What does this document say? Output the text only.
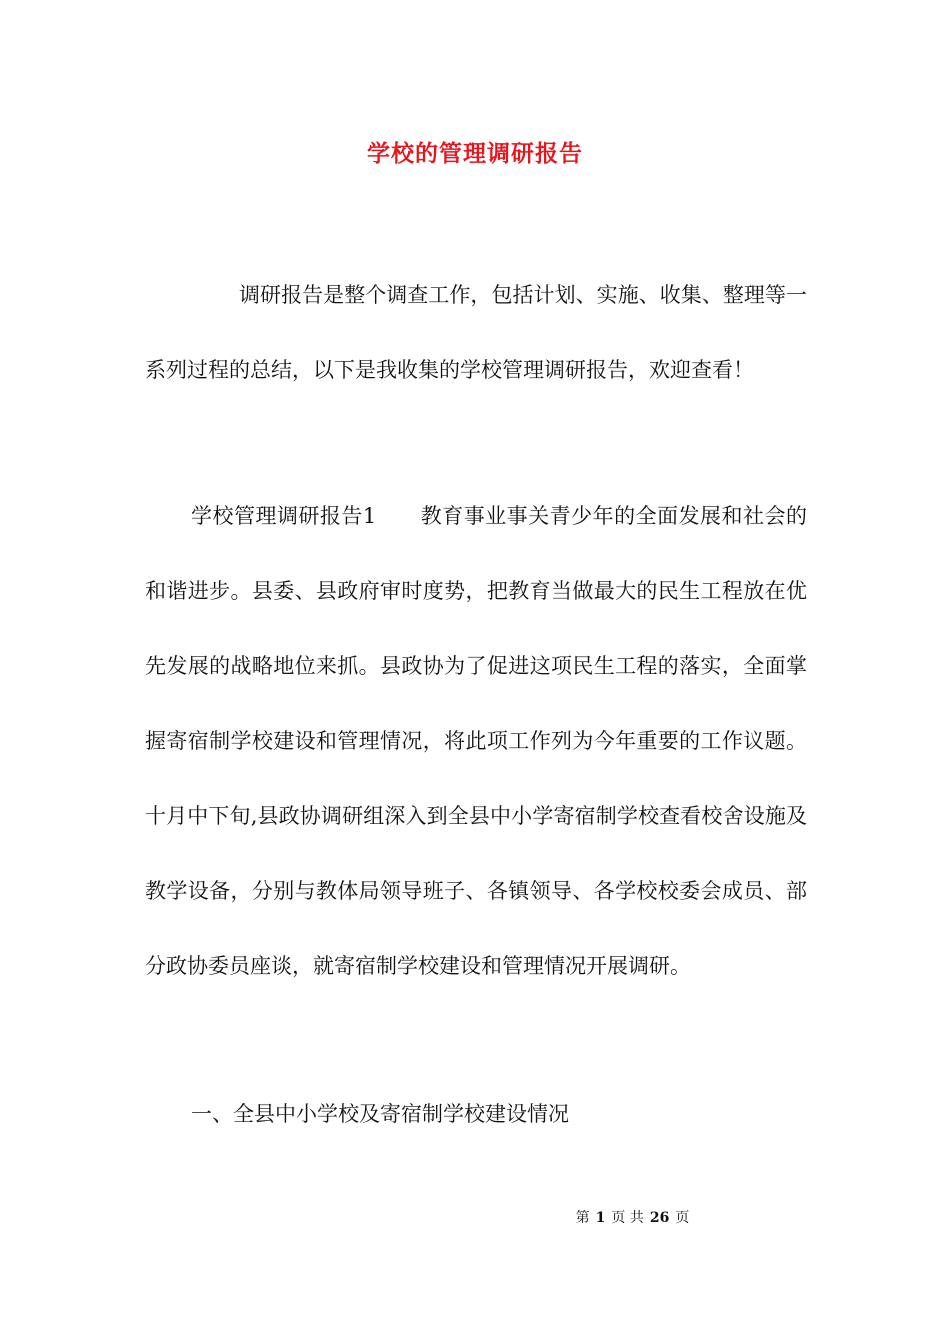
学校的管理调研报告

调研报告是整个调查工作，包括计划、实施、收集、整理等一系列过程的总结，以下是我收集的学校管理调研报告，欢迎查看！

学校管理调研报告1 教育事业事关青少年的全面发展和社会的和谐进步。县委、县政府审时度势，把教育当做最大的民生工程放在优先发展的战略地位来抓。县政协为了促进这项民生工程的落实，全面掌握寄宿制学校建设和管理情况，将此项工作列为今年重要的工作议题。十月中下旬,县政协调研组深入到全县中小学寄宿制学校查看校舍设施及教学设备，分别与教体局领导班子、各镇领导、各学校校委会成员、部分政协委员座谈，就寄宿制学校建设和管理情况开展调研。

一、全县中小学校及寄宿制学校建设情况

第 1 页 共 26 页
